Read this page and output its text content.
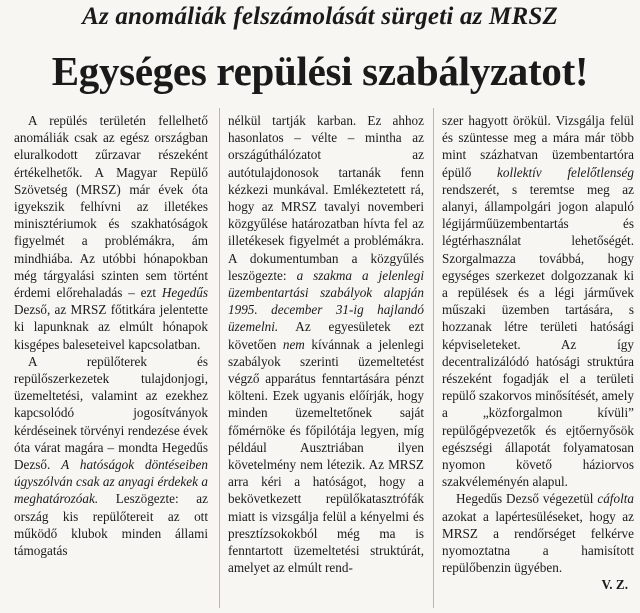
Az anomáliák felszámolását sürgeti az MRSZ
Egységes repülési szabályzatot!

A repülés területén fellelhető anomáliák csak az egész országban eluralkodott zűrzavar részeként értékelhetők. A Magyar Repülő Szövetség (MRSZ) már évek óta igyekszik felhívni az illetékes minisztériumok és szakhatóságok figyelmét a problémákra, ám mindhiába. Az utóbbi hónapokban még tárgyalási szinten sem történt érdemi előrehaladás – ezt Hegedűs Dezső, az MRSZ főtitkára jelentette ki lapunknak az elmúlt hónapok kisgépes baleseteivel kapcsolatban.

A repülőterek és repülőszerkezetek tulajdonjogi, üzemeltetési, valamint az ezekhez kapcsolódó jogosítványok kérdéseinek törvényi rendezése évek óta várat magára – mondta Hegedűs Dezső. A hatóságok döntéseiben úgyszólván csak az anyagi érdekek a meghatározóak. Leszögezte: az ország kis repülőtereit az ott működő klubok minden állami támogatás

nélkül tartják karban. Ez ahhoz hasonlatos – vélte – mintha az országúthálózatot az autótulajdonosok tartanák fenn kézkezi munkával. Emlékeztetett rá, hogy az MRSZ tavalyi novemberi közgyűlése határozatban hívta fel az illetékesek figyelmét a problémákra. A dokumentumban a közgyűlés leszögezte: a szakma a jelenlegi üzembentartási szabályok alapján 1995. december 31-ig hajlandó üzemelni. Az egyesületek ezt követően nem kívánnak a jelenlegi szabályok szerinti üzemeltetést végző apparátus fenntartására pénzt költeni. Ezek ugyanis előírják, hogy minden üzemeltetőnek saját főmérnöke és főpilótája legyen, míg például Ausztriában ilyen követelmény nem létezik. Az MRSZ arra kéri a hatóságot, hogy a bekövetkezett repülőkatasztrófák miatt is vizsgálja felül a kényelmi és presztízsokokból még ma is fenntartott üzemeltetési struktúrát, amelyet az elmúlt rend-

szer hagyott örökül. Vizsgálja felül és szüntesse meg a mára már több mint százhatvan üzembentartóra épülő kollektív felelőtlenség rendszerét, s teremtse meg az alanyi, állampolgári jogon alapuló légijárműüzembentartás és légtérhasználat lehetőségét. Szorgalmazza továbbá, hogy egységes szerkezet dolgozzanak ki a repülések és a légi járművek műszaki üzemben tartására, s hozzanak létre területi hatósági képviseleteket. Az így decentralizálódó hatósági struktúra részeként fogadják el a területi repülő szakorvos minősítését, amely a „közforgalmon kívüli” repülőgépvezetők és ejtőernyősök egészségi állapotát folyamatosan nyomon követő háziorvos szakvéleményén alapul.

Hegedűs Dezső végezetül cáfolta azokat a lapértesüléseket, hogy az MRSZ a rendőrséget felkérve nyomoztatna a hamisított repülőbenzin ügyében.

V. Z.
